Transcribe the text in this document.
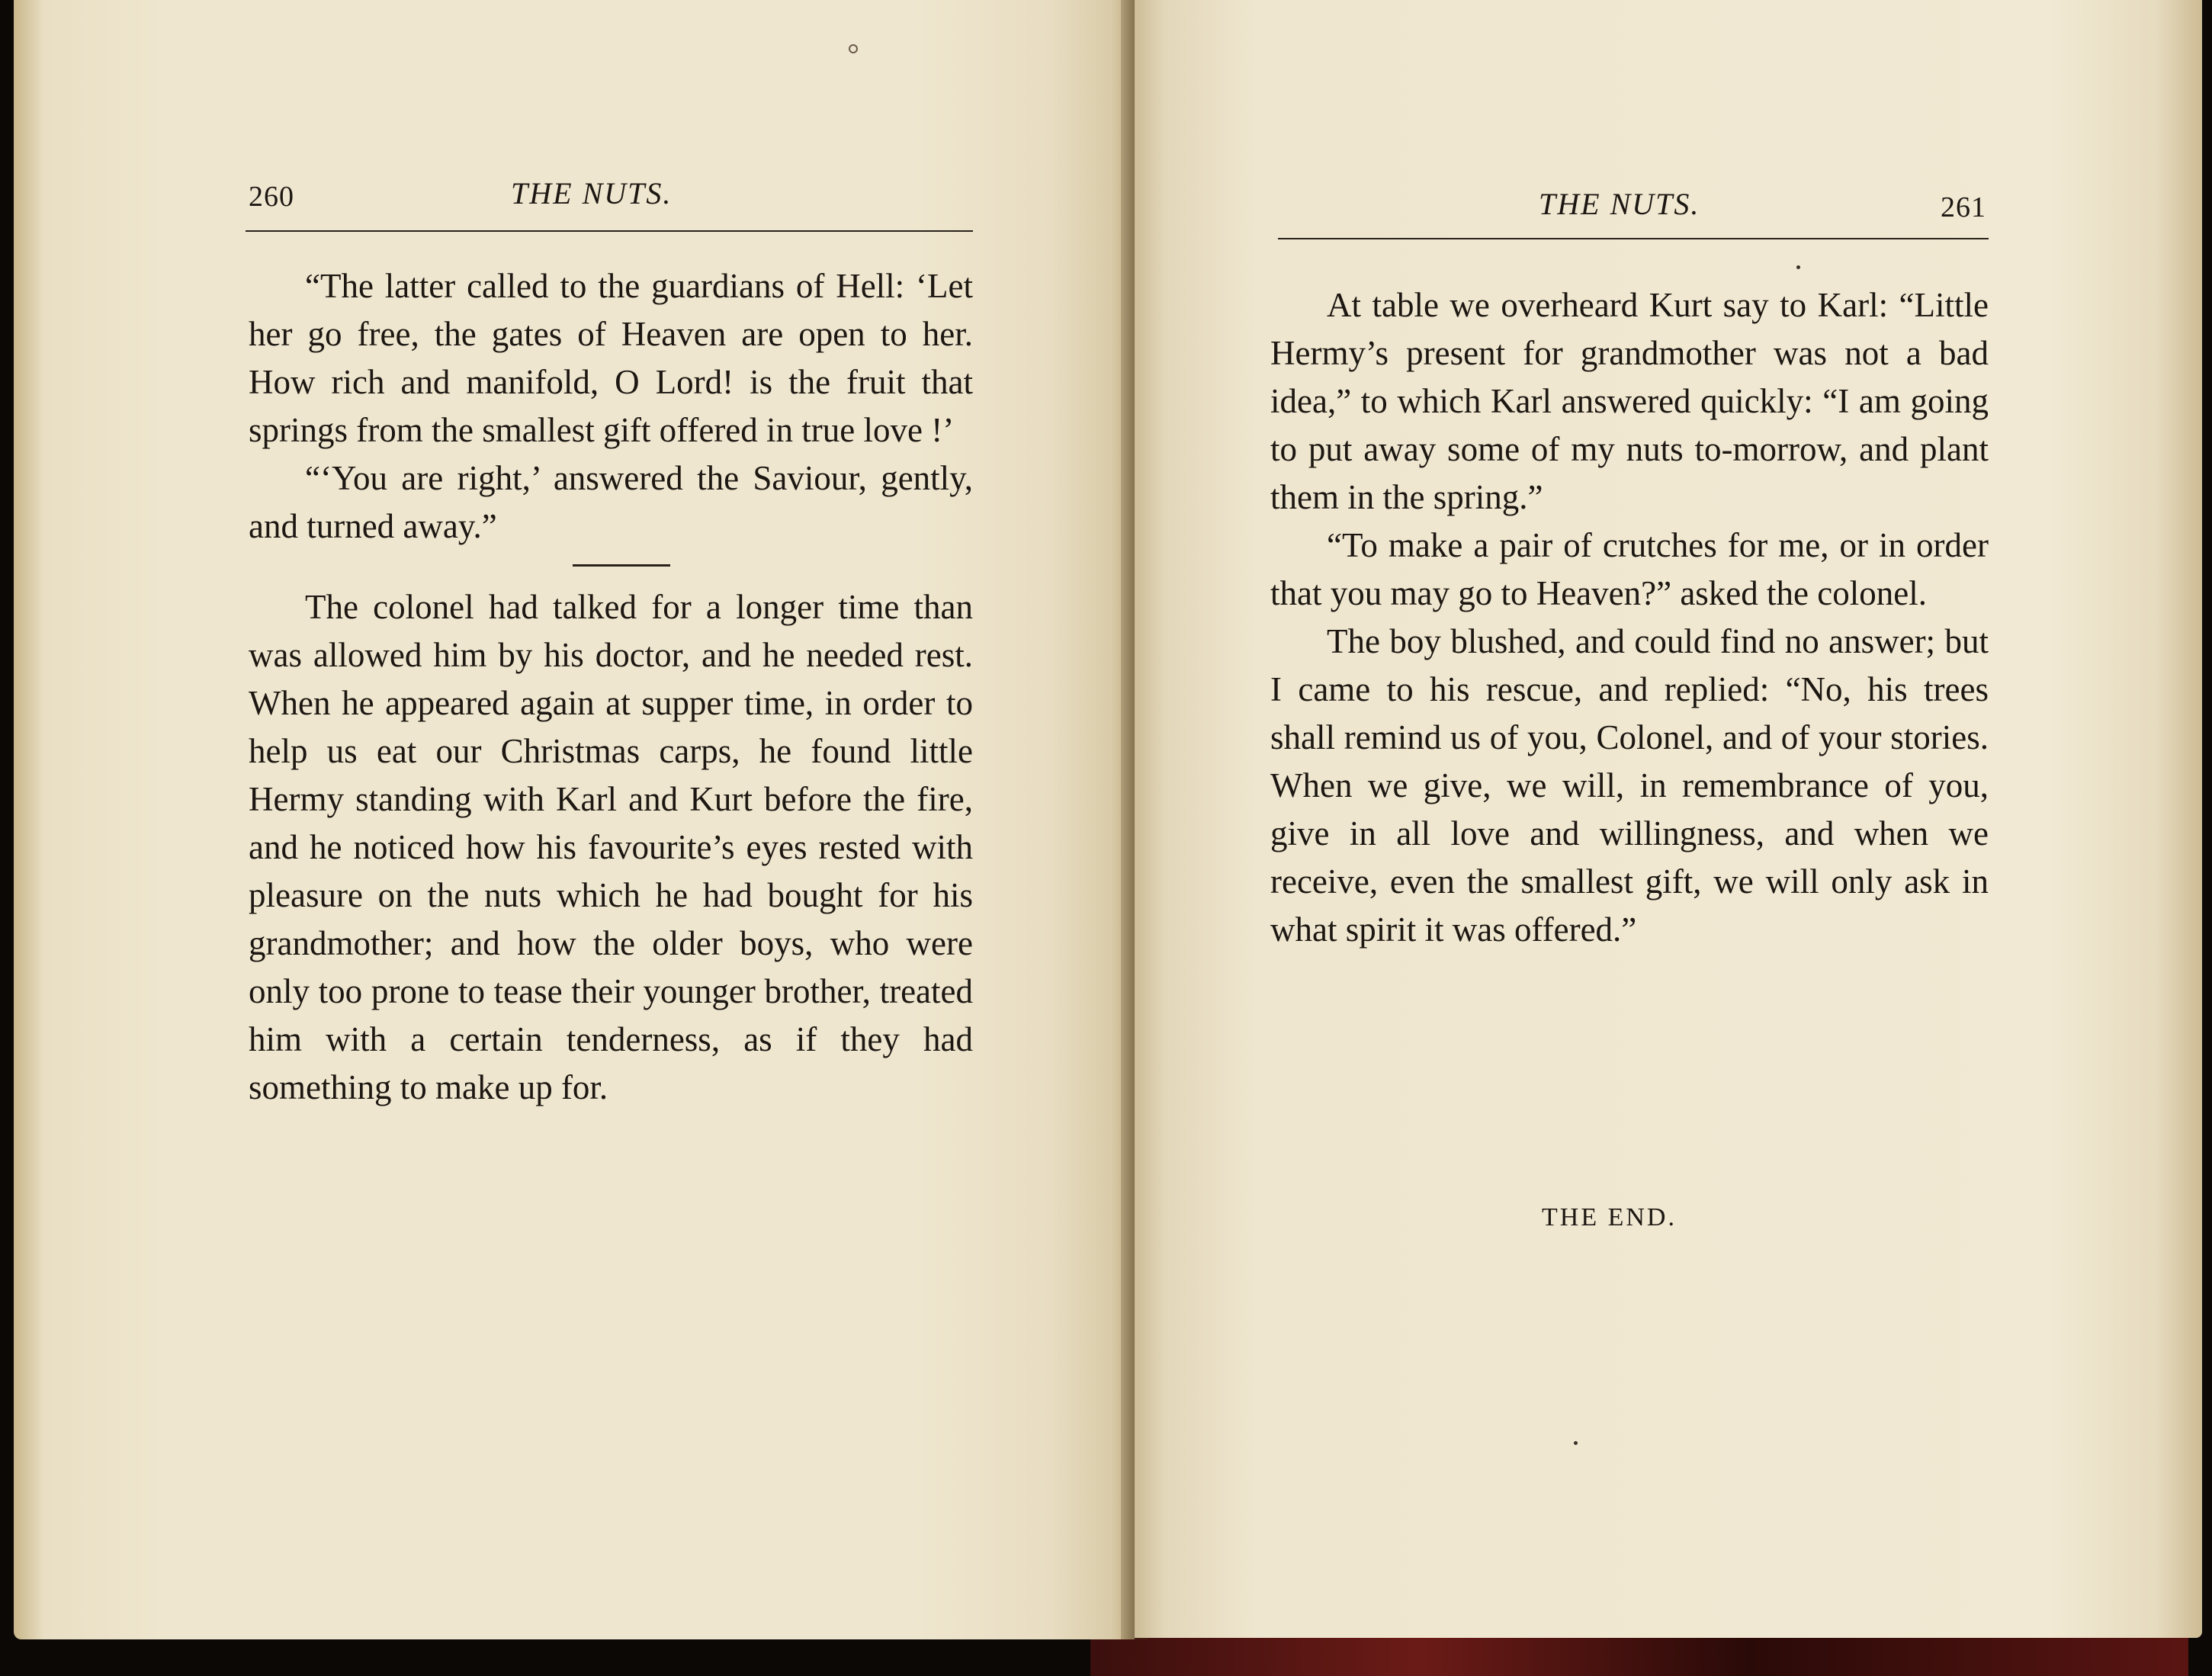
260	THE NUTS.

“The latter called to the guardians of Hell: ‘Let her go free, the gates of Heaven are open to her. How rich and manifold, O Lord! is the fruit that springs from the smallest gift offered in true love !’

“‘You are right,’ answered the Saviour, gently, and turned away.”

The colonel had talked for a longer time than was allowed him by his doctor, and he needed rest. When he appeared again at supper time, in order to help us eat our Christmas carps, he found little Hermy standing with Karl and Kurt before the fire, and he noticed how his favourite’s eyes rested with pleasure on the nuts which he had bought for his grandmother; and how the older boys, who were only too prone to tease their younger brother, treated him with a certain tenderness, as if they had something to make up for.

THE NUTS.	261

At table we overheard Kurt say to Karl: “Little Hermy’s present for grandmother was not a bad idea,” to which Karl answered quickly: “I am going to put away some of my nuts to-morrow, and plant them in the spring.”

“To make a pair of crutches for me, or in order that you may go to Heaven?” asked the colonel.

The boy blushed, and could find no answer; but I came to his rescue, and replied: “No, his trees shall remind us of you, Colonel, and of your stories. When we give, we will, in remembrance of you, give in all love and willingness, and when we receive, even the smallest gift, we will only ask in what spirit it was offered.”

THE END.
